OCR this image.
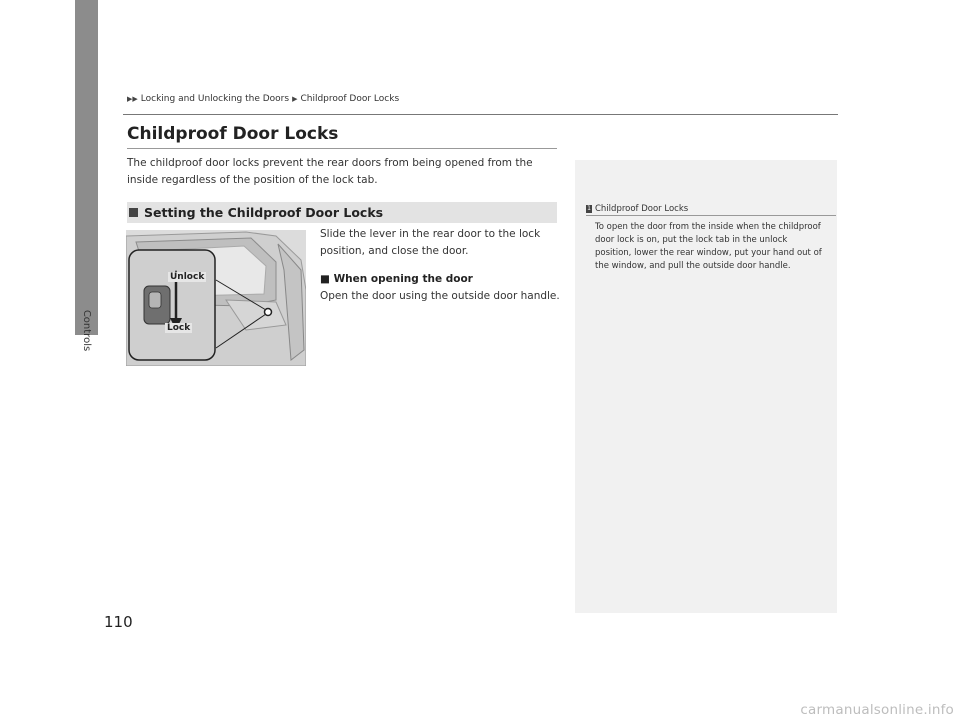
Controls
▶▶ Locking and Unlocking the Doors ▶ Childproof Door Locks
Childproof Door Locks
The childproof door locks prevent the rear doors from being opened from the inside regardless of the position of the lock tab.
Setting the Childproof Door Locks
Unlock
Lock
Slide the lever in the rear door to the lock position, and close the door.
■ When opening the door
Open the door using the outside door handle.
1 Childproof Door Locks
To open the door from the inside when the childproof door lock is on, put the lock tab in the unlock position, lower the rear window, put your hand out of the window, and pull the outside door handle.
110
carmanualsonline.info
